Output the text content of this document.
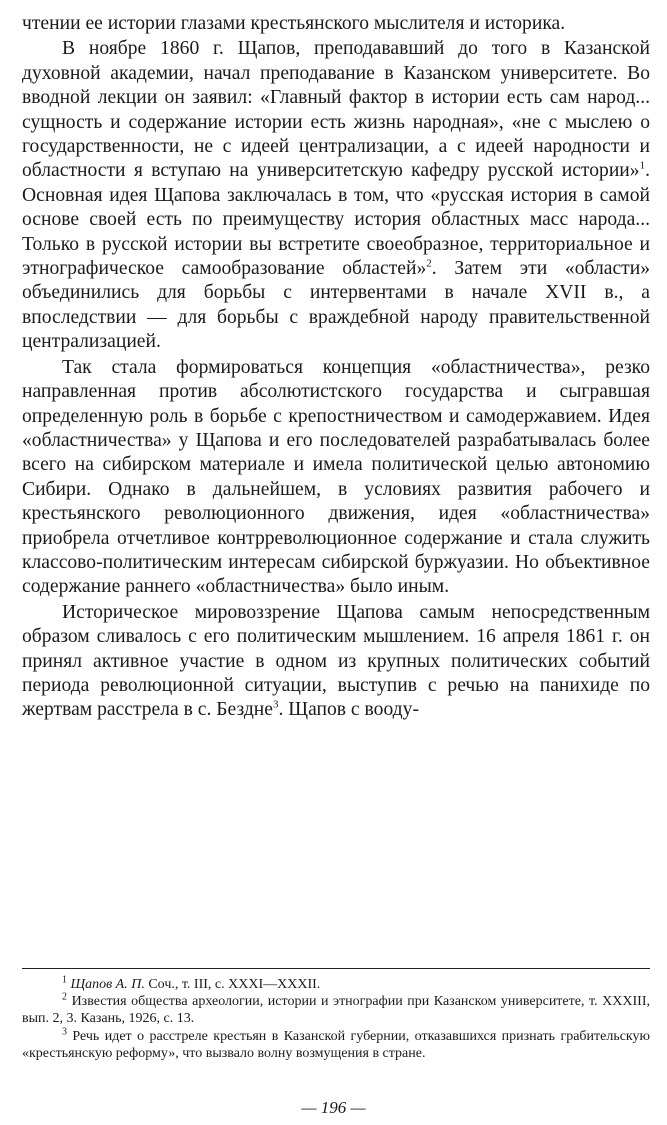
чтении ее истории глазами крестьянского мыслителя и историка.

В ноябре 1860 г. Щапов, преподававший до того в Казанской духовной академии, начал преподавание в Казанском университете. Во вводной лекции он заявил: «Главный фактор в истории есть сам народ... сущность и содержание истории есть жизнь народная», «не с мыслею о государственности, не с идеей централизации, а с идеей народности и областности я вступаю на университетскую кафедру русской истории»$^1$. Основная идея Щапова заключалась в том, что «русская история в самой основе своей есть по преимуществу история областных масс народа... Только в русской истории вы встретите своеобразное, территориальное и этнографическое самообразование областей»$^2$. Затем эти «области» объединились для борьбы с интервентами в начале XVII в., а впоследствии — для борьбы с враждебной народу правительственной централизацией.

Так стала формироваться концепция «областничества», резко направленная против абсолютистского государства и сыгравшая определенную роль в борьбе с крепостничеством и самодержавием. Идея «областничества» у Щапова и его последователей разрабатывалась более всего на сибирском материале и имела политической целью автономию Сибири. Однако в дальнейшем, в условиях развития рабочего и крестьянского революционного движения, идея «областничества» приобрела отчетливое контрреволюционное содержание и стала служить классово-политическим интересам сибирской буржуазии. Но объективное содержание раннего «областничества» было иным.

Историческое мировоззрение Щапова самым непосредственным образом сливалось с его политическим мышлением. 16 апреля 1861 г. он принял активное участие в одном из крупных политических событий периода революционной ситуации, выступив с речью на панихиде по жертвам расстрела в с. Бездне$^3$. Щапов с вооду-

$^1$ Щапов А. П. Соч., т. III, с. XXXI—XXXII.

$^2$ Известия общества археологии, истории и этнографии при Казанском университете, т. XXXIII, вып. 2, 3. Казань, 1926, с. 13.

$^3$ Речь идет о расстреле крестьян в Казанской губернии, отказавшихся признать грабительскую «крестьянскую реформу», что вызвало волну возмущения в стране.

— 196 —
